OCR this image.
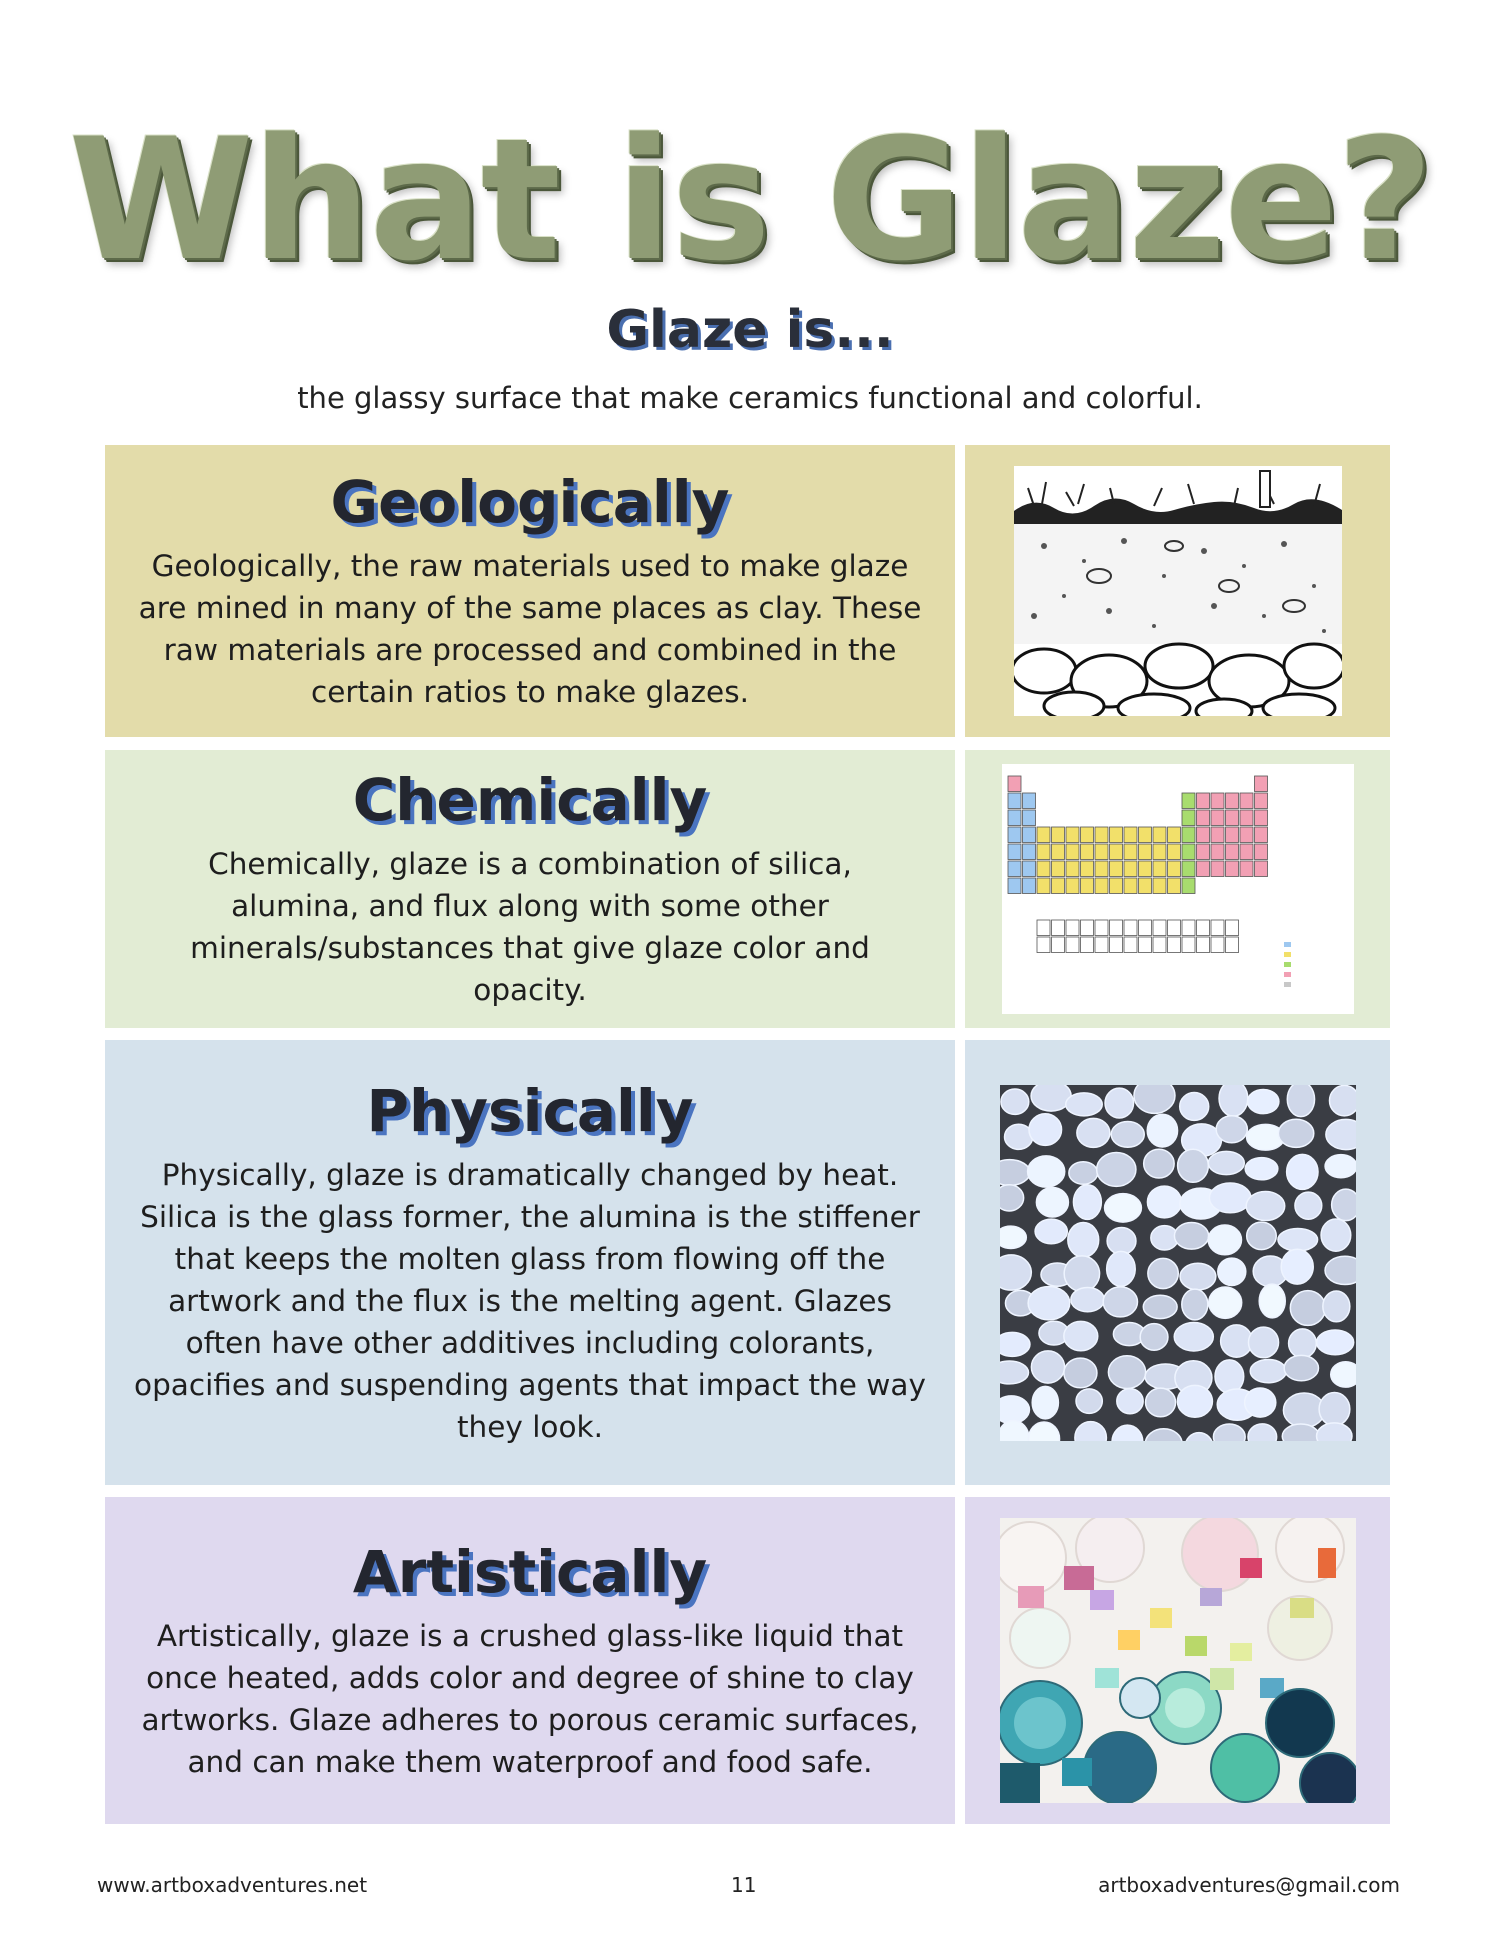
What is Glaze?
Glaze is...
the glassy surface that make ceramics functional and colorful.
Geologically
Geologically, the raw materials used to make glaze are mined in many of the same places as clay. These raw materials are processed and combined in the certain ratios to make glazes.
Chemically
Chemically, glaze is a combination of silica, alumina, and flux along with some other minerals/substances that give glaze color and opacity.
Physically
Physically, glaze is dramatically changed by heat. Silica is the glass former, the alumina is the stiffener that keeps the molten glass from flowing off the artwork and the flux is the melting agent. Glazes often have other additives including colorants, opacifies and suspending agents that impact the way they look.
Artistically
Artistically, glaze is a crushed glass-like liquid that once heated, adds color and degree of shine to clay artworks. Glaze adheres to porous ceramic surfaces, and can make them waterproof and food safe.
www.artboxadventures.net	11	artboxadventures@gmail.com
